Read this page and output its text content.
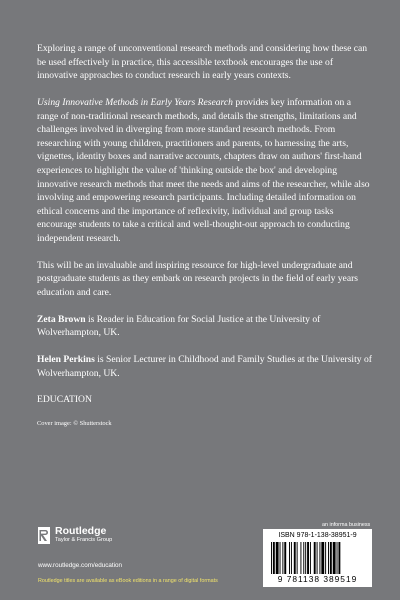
Exploring a range of unconventional research methods and considering how these can be used effectively in practice, this accessible textbook encourages the use of innovative approaches to conduct research in early years contexts.

Using Innovative Methods in Early Years Research provides key information on a range of non-traditional research methods, and details the strengths, limitations and challenges involved in diverging from more standard research methods. From researching with young children, practitioners and parents, to harnessing the arts, vignettes, identity boxes and narrative accounts, chapters draw on authors' first-hand experiences to highlight the value of 'thinking outside the box' and developing innovative research methods that meet the needs and aims of the researcher, while also involving and empowering research participants. Including detailed information on ethical concerns and the importance of reflexivity, individual and group tasks encourage students to take a critical and well-thought-out approach to conducting independent research.

This will be an invaluable and inspiring resource for high-level undergraduate and postgraduate students as they embark on research projects in the field of early years education and care.

Zeta Brown is Reader in Education for Social Justice at the University of Wolverhampton, UK.

Helen Perkins is Senior Lecturer in Childhood and Family Studies at the University of Wolverhampton, UK.

EDUCATION

Cover image: © Shutterstock

Routledge
Taylor & Francis Group
www.routledge.com/education
Routledge titles are available as eBook editions in a range of digital formats
an informa business
ISBN 978-1-138-38951-9
9 781138 389519
